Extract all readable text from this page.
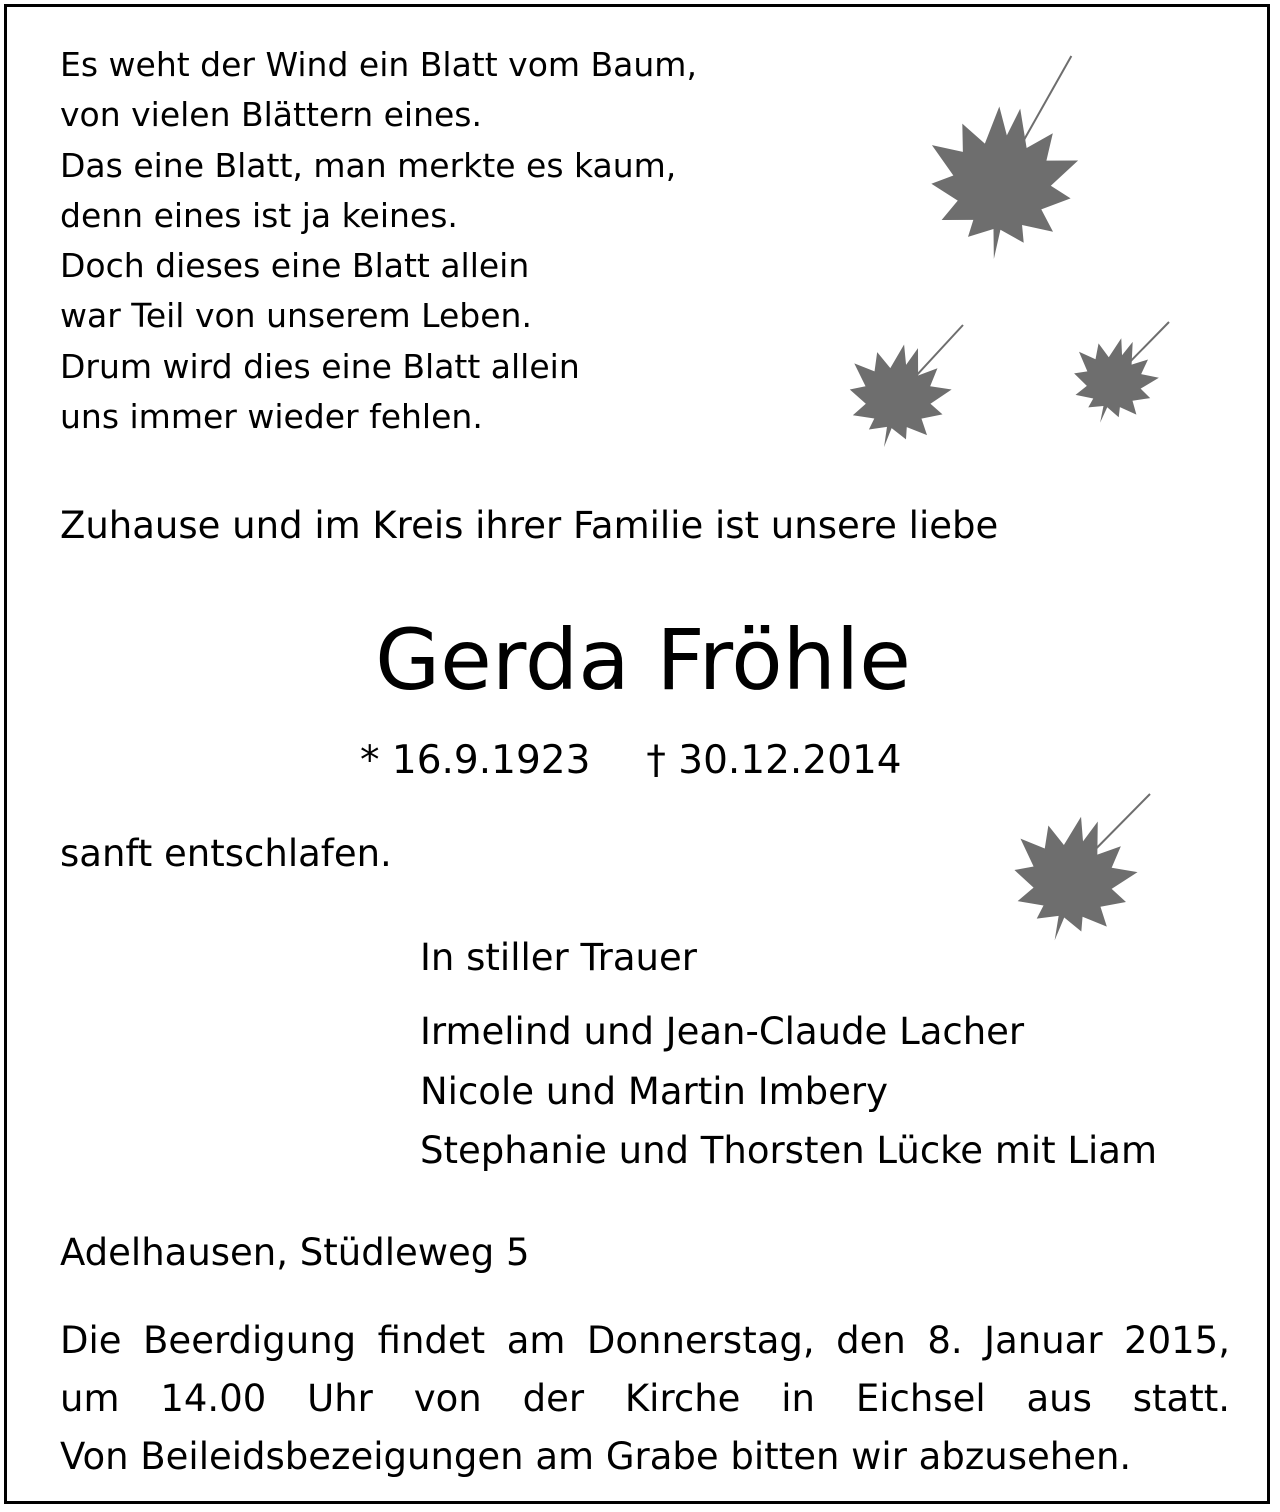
Es weht der Wind ein Blatt vom Baum,
von vielen Blättern eines.
Das eine Blatt, man merkte es kaum,
denn eines ist ja keines.
Doch dieses eine Blatt allein
war Teil von unserem Leben.
Drum wird dies eine Blatt allein
uns immer wieder fehlen.
Zuhause und im Kreis ihrer Familie ist unsere liebe
Gerda Fröhle
* 16.9.1923 † 30.12.2014
sanft entschlafen.
In stiller Trauer
Irmelind und Jean-Claude Lacher
Nicole und Martin Imbery
Stephanie und Thorsten Lücke mit Liam
Adelhausen, Stüdleweg 5
Die Beerdigung findet am Donnerstag, den 8. Januar 2015,
um 14.00 Uhr von der Kirche in Eichsel aus statt.
Von Beileidsbezeigungen am Grabe bitten wir abzusehen.
